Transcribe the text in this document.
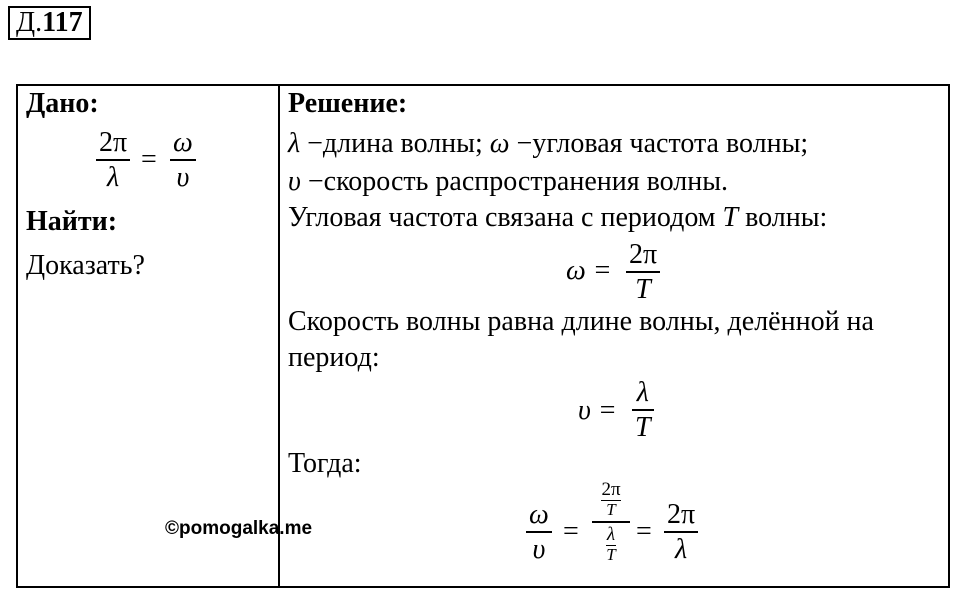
Д.117
Дано:
2π
λ
=
ω
υ
Найти:
Доказать?
Решение:
λ −длина волны; ω −угловая частота волны;
υ −скорость распространения волны.
Угловая частота связана с периодом T волны:
ω =
2π
T
Скорость волны равна длине волны, делённой на
период:
υ =
λ
T
Тогда:
ω
υ
=
2π
T
λ
T
=
2π
λ
©pomogalka.me
